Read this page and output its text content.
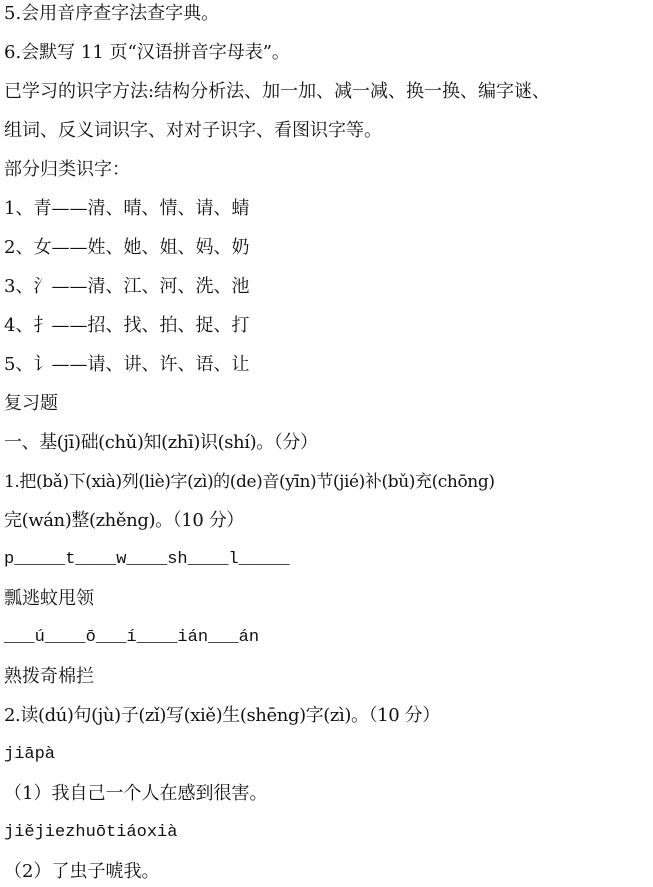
5.会用音序查字法查字典。
6.会默写 11 页“汉语拼音字母表”。
已学习的识字方法:结构分析法、加一加、减一减、换一换、编字谜、
组词、反义词识字、对对子识字、看图识字等。
部分归类识字：
1、青——清、晴、情、请、蜻
2、女——姓、她、姐、妈、奶
3、氵——清、江、河、洗、池
4、扌——招、找、拍、捉、打
5、讠——请、讲、许、语、让
复习题
一、基(jī)础(chǔ)知(zhī)识(shí)。（分）
1.把(bǎ)下(xià)列(liè)字(zì)的(de)音(yīn)节(jié)补(bǔ)充(chōng)
完(wán)整(zhěng)。（10 分）
p_____t____w____sh____l_____
瓢逃蚊甩领
___ú____ō___í____ián___án
熟拨奇棉拦
2.读(dú)句(jù)子(zǐ)写(xiě)生(shēng)字(zì)。（10 分）
jiāpà
（1）我自己一个人在感到很害。
jiějiezhuōtiáoxià
（2）了虫子唬我。
